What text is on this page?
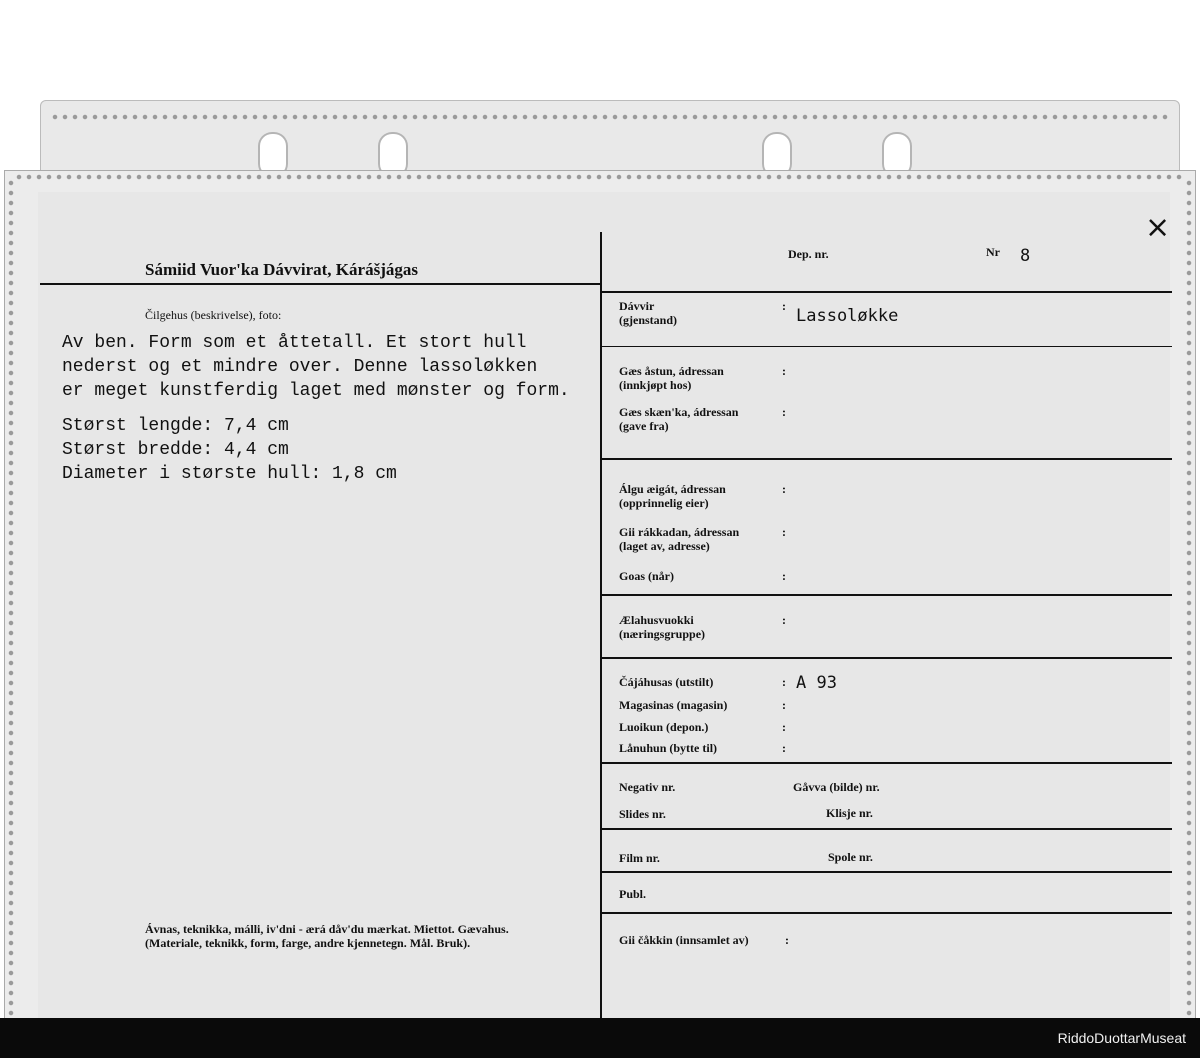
Sámiid Vuor'ka Dávvirat, Kárášjágas
Dep. nr.	Nr 8
⨯
Čilgehus (beskrivelse), foto:
Av ben. Form som et åttetall. Et stort hull
nederst og et mindre over. Denne lassoløkken
er meget kunstferdig laget med mønster og form.
Størst lengde: 7,4 cm
Størst bredde: 4,4 cm
Diameter i største hull: 1,8 cm
Ávnas, teknikka, málli, iv'dni - ærá dåv'du mærkat. Miettot. Gævahus.
(Materiale, teknikk, form, farge, andre kjennetegn. Mål. Bruk).
Dávvir
(gjenstand)
: Lassoløkke
Gæs åstun, ádressan
(innkjøpt hos)
:
Gæs skæn'ka, ádressan
(gave fra)
:
Álgu æigát, ádressan
(opprinnelig eier)
:
Gii rákkadan, ádressan
(laget av, adresse)
:
Goas (når)	:
Ælahusvuokki
(næringsgruppe)
:
Čájáhusas (utstilt)	: A 93
Magasinas (magasin)	:
Luoikun (depon.)	:
Lånuhun (bytte til)	:
Negativ nr.	Gåvva (bilde) nr.
Slides nr.	Klisje nr.
Film nr.	Spole nr.
Publ.
Gii čåkkin (innsamlet av)	:
RiddoDuottarMuseat
